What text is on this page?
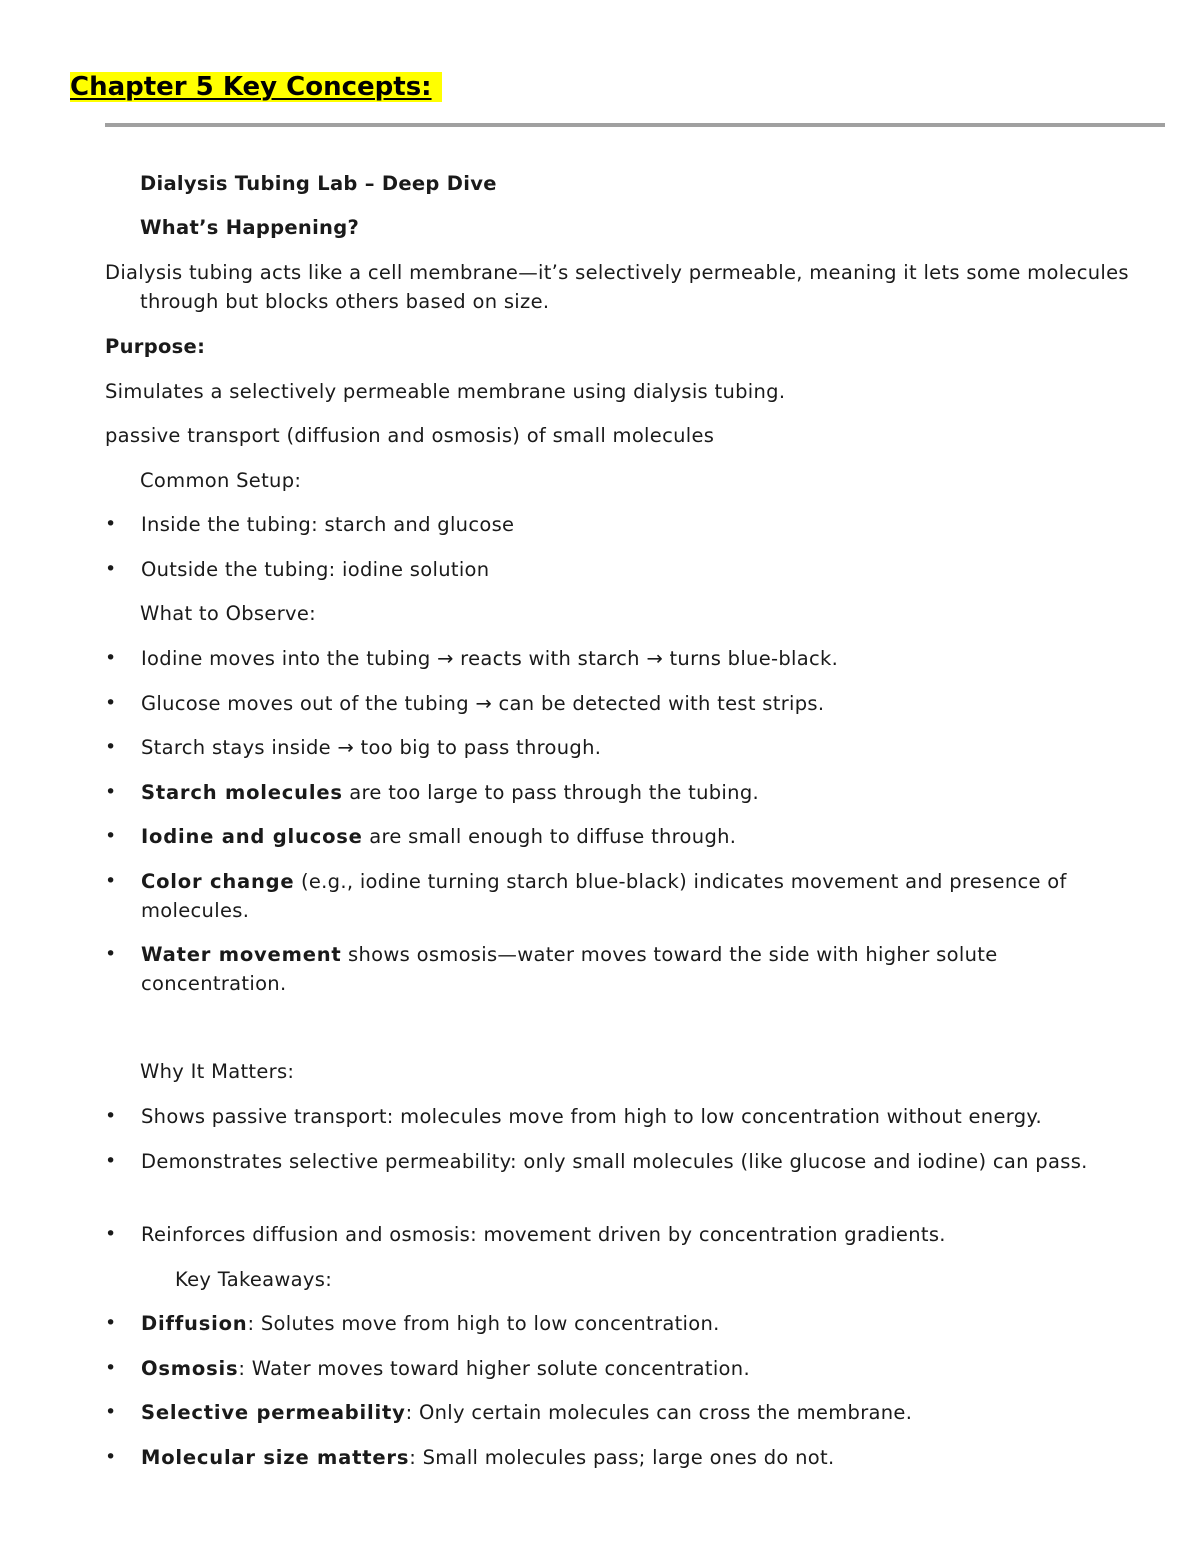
Chapter 5 Key Concepts:

Dialysis Tubing Lab – Deep Dive

What’s Happening?

Dialysis tubing acts like a cell membrane—it’s selectively permeable, meaning it lets some molecules through but blocks others based on size.

Purpose:

Simulates a selectively permeable membrane using dialysis tubing.

passive transport (diffusion and osmosis) of small molecules

Common Setup:

•	Inside the tubing: starch and glucose
•	Outside the tubing: iodine solution

What to Observe:

•	Iodine moves into the tubing → reacts with starch → turns blue-black.
•	Glucose moves out of the tubing → can be detected with test strips.
•	Starch stays inside → too big to pass through.
•	Starch molecules are too large to pass through the tubing.
•	Iodine and glucose are small enough to diffuse through.
•	Color change (e.g., iodine turning starch blue-black) indicates movement and presence of molecules.
•	Water movement shows osmosis—water moves toward the side with higher solute concentration.

Why It Matters:

•	Shows passive transport: molecules move from high to low concentration without energy.
•	Demonstrates selective permeability: only small molecules (like glucose and iodine) can pass.
•	Reinforces diffusion and osmosis: movement driven by concentration gradients.

Key Takeaways:

•	Diffusion: Solutes move from high to low concentration.
•	Osmosis: Water moves toward higher solute concentration.
•	Selective permeability: Only certain molecules can cross the membrane.
•	Molecular size matters: Small molecules pass; large ones do not.
